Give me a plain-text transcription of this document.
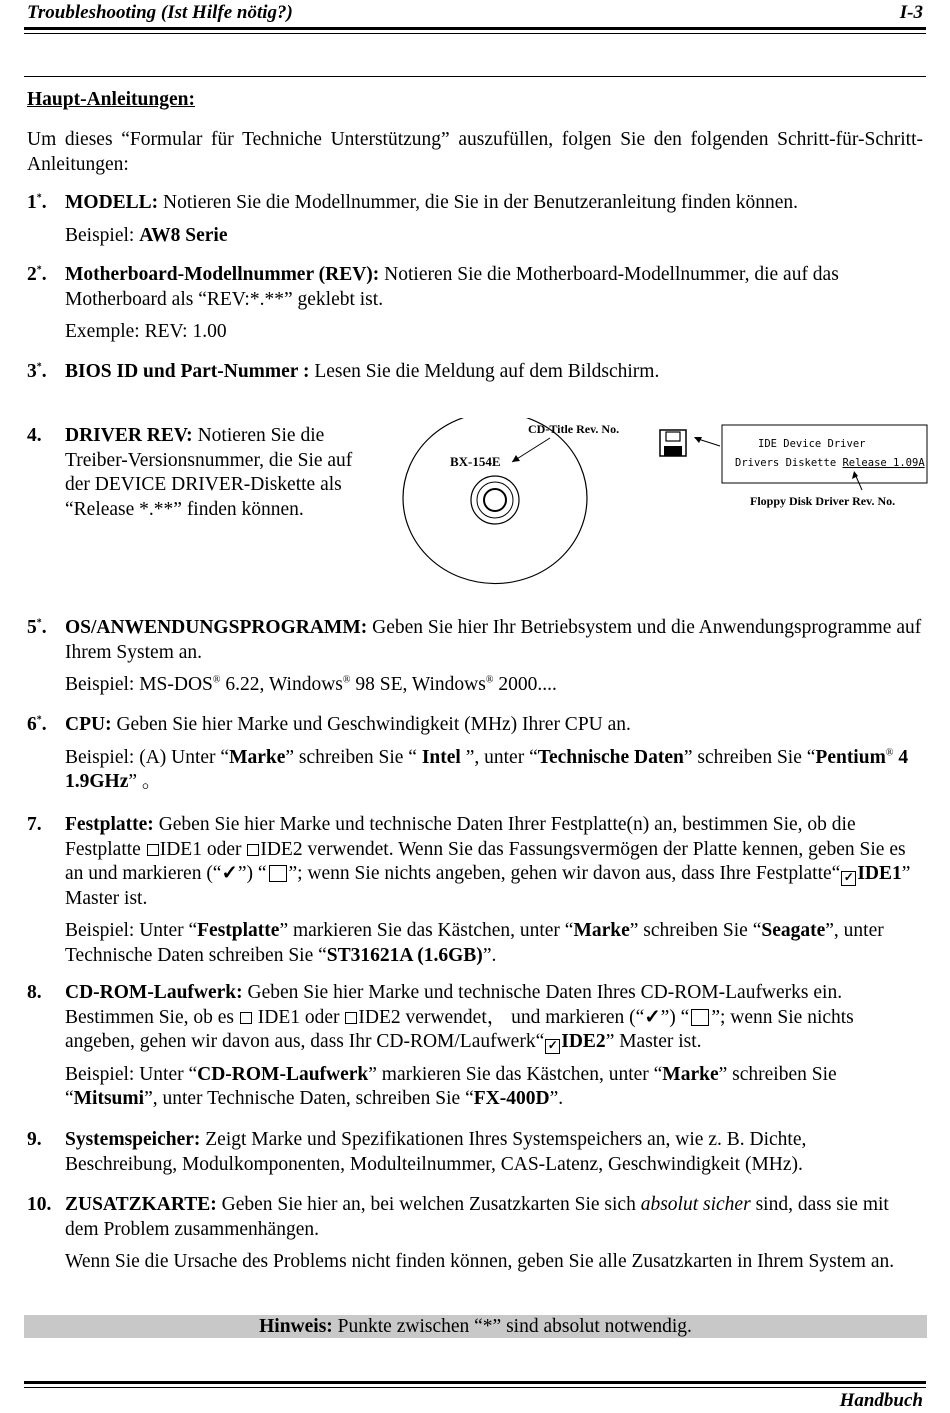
Troubleshooting (Ist Hilfe nötig?)	I-3
Haupt-Anleitungen:
Um dieses “Formular für Techniche Unterstützung” auszufüllen, folgen Sie den folgenden Schritt-für-Schritt-Anleitungen:
1*. MODELL: Notieren Sie die Modellnummer, die Sie in der Benutzeranleitung finden können.

Beispiel: AW8 Serie

2*. Motherboard-Modellnummer (REV): Notieren Sie die Motherboard-Modellnummer, die auf das Motherboard als “REV:*.**” geklebt ist.

Exemple: REV: 1.00

3*. BIOS ID und Part-Nummer : Lesen Sie die Meldung auf dem Bildschirm.

4. DRIVER REV: Notieren Sie die Treiber-Versionsnummer, die Sie auf der DEVICE DRIVER-Diskette als “Release *.**” finden können.
BX-154E
CD-Title Rev. No.
IDE Device Driver
Drivers Diskette Release 1.09A
Floppy Disk Driver Rev. No.
5*. OS/ANWENDUNGSPROGRAMM: Geben Sie hier Ihr Betriebsystem und die Anwendungsprogramme auf Ihrem System an.

Beispiel: MS-DOS® 6.22, Windows® 98 SE, Windows® 2000....

6*. CPU: Geben Sie hier Marke und Geschwindigkeit (MHz) Ihrer CPU an.

Beispiel: (A) Unter “Marke” schreiben Sie “ Intel ”, unter “Technische Daten” schreiben Sie “Pentium® 4 1.9GHz” 。

7. Festplatte: Geben Sie hier Marke und technische Daten Ihrer Festplatte(n) an, bestimmen Sie, ob die Festplatte IDE1 oder IDE2 verwendet. Wenn Sie das Fassungsvermögen der Platte kennen, geben Sie es an und markieren (“✓”) “ ”; wenn Sie nichts angeben, gehen wir davon aus, dass Ihre Festplatte“ ✓ IDE1” Master ist.

Beispiel: Unter “Festplatte” markieren Sie das Kästchen, unter “Marke” schreiben Sie “Seagate”, unter Technische Daten schreiben Sie “ST31621A (1.6GB)”.

8. CD-ROM-Laufwerk: Geben Sie hier Marke und technische Daten Ihres CD-ROM-Laufwerks ein. Bestimmen Sie, ob es  IDE1 oder IDE2 verwendet， und markieren (“✓”) “ ”; wenn Sie nichts angeben, gehen wir davon aus, dass Ihr CD-ROM/Laufwerk“ ✓ IDE2” Master ist.

Beispiel: Unter “CD-ROM-Laufwerk” markieren Sie das Kästchen, unter “Marke” schreiben Sie “Mitsumi”, unter Technische Daten, schreiben Sie “FX-400D”.

9. Systemspeicher: Zeigt Marke und Spezifikationen Ihres Systemspeichers an, wie z. B. Dichte, Beschreibung, Modulkomponenten, Modulteilnummer, CAS-Latenz, Geschwindigkeit (MHz).

10. ZUSATZKARTE: Geben Sie hier an, bei welchen Zusatzkarten Sie sich absolut sicher sind, dass sie mit dem Problem zusammenhängen.

Wenn Sie die Ursache des Problems nicht finden können, geben Sie alle Zusatzkarten in Ihrem System an.

Hinweis: Punkte zwischen “*” sind absolut notwendig.
Handbuch
